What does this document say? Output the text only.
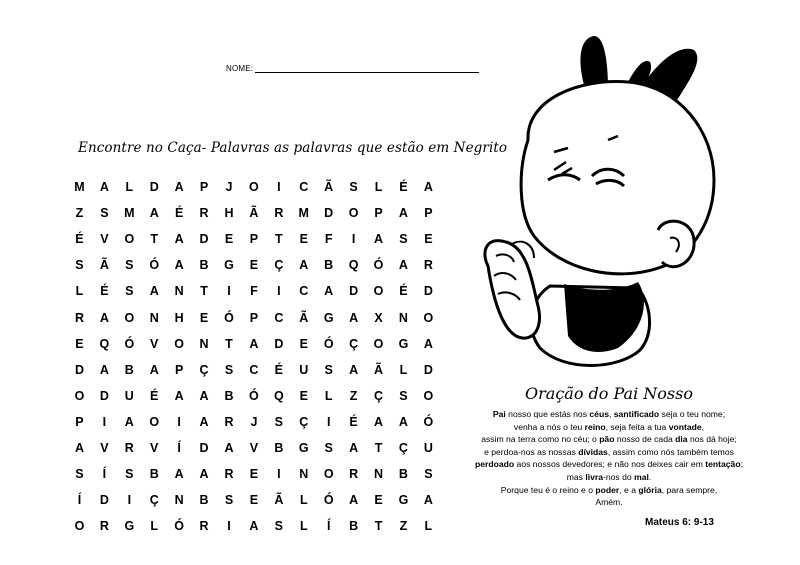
NOME:
Encontre no Caça- Palavras as palavras que estão em Negrito
M	A	L	D	A	P	J	O	I	C	Ã	S	L	É	A
Z	S	M	A	É	R	H	Ã	R	M	D	O	P	A	P
É	V	O	T	A	D	E	P	T	E	F	I	A	S	E
S	Ã	S	Ó	A	B	G	E	Ç	A	B	Q	Ó	A	R
L	É	S	A	N	T	I	F	I	C	A	D	O	É	D
R	A	O	N	H	E	Ó	P	C	Ã	G	A	X	N	O
E	Q	Ó	V	O	N	T	A	D	E	Ó	Ç	O	G	A
D	A	B	A	P	Ç	S	C	É	U	S	A	Ã	L	D
O	D	U	É	A	A	B	Ó	Q	E	L	Z	Ç	S	O
P	I	A	O	I	A	R	J	S	Ç	I	É	A	A	Ó
A	V	R	V	Í	D	A	V	B	G	S	A	T	Ç	U
S	Í	S	B	A	A	R	E	I	N	O	R	N	B	S
Í	D	I	Ç	N	B	S	E	Ã	L	Ó	A	E	G	A
O	R	G	L	Ó	R	I	A	S	L	Í	B	T	Z	L
Oração do Pai Nosso
Pai nosso que estás nos céus, santificado seja o teu nome;
venha a nós o teu reino, seja feita a tua vontade,
assim na terra como no céu; o pão nosso de cada dia nos dá hoje;
e perdoa-nos as nossas dívidas, assim como nós também temos
perdoado aos nossos devedores; e não nos deixes cair em tentação;
mas livra-nos do mal.
Porque teu é o reino e o poder, e a glória, para sempre,
Amém.
Mateus 6: 9-13
